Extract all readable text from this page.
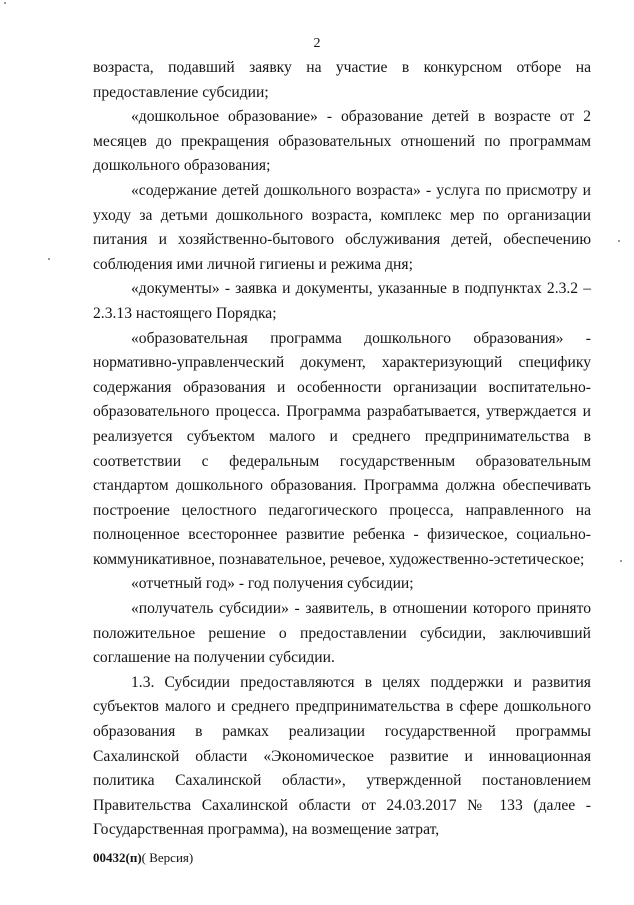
2

возраста, подавший заявку на участие в конкурсном отборе на предоставление субсидии;

«дошкольное образование» - образование детей в возрасте от 2 месяцев до прекращения образовательных отношений по программам дошкольного образования;

«содержание детей дошкольного возраста» - услуга по присмотру и уходу за детьми дошкольного возраста, комплекс мер по организации питания и хозяйственно-бытового обслуживания детей, обеспечению соблюдения ими личной гигиены и режима дня;

«документы» - заявка и документы, указанные в подпунктах 2.3.2 – 2.3.13 настоящего Порядка;

«образовательная программа дошкольного образования» - нормативно-управленческий документ, характеризующий специфику содержания образования и особенности организации воспитательно-образовательного процесса. Программа разрабатывается, утверждается и реализуется субъектом малого и среднего предпринимательства в соответствии с федеральным государственным образовательным стандартом дошкольного образования. Программа должна обеспечивать построение целостного педагогического процесса, направленного на полноценное всестороннее развитие ребенка - физическое, социально-коммуникативное, познавательное, речевое, художественно-эстетическое;

«отчетный год» - год получения субсидии;

«получатель субсидии» - заявитель, в отношении которого принято положительное решение о предоставлении субсидии, заключивший соглашение на получении субсидии.

1.3. Субсидии предоставляются в целях поддержки и развития субъектов малого и среднего предпринимательства в сфере дошкольного образования в рамках реализации государственной программы Сахалинской области «Экономическое развитие и инновационная политика Сахалинской области», утвержденной постановлением Правительства Сахалинской области от 24.03.2017 № 133 (далее - Государственная программа), на возмещение затрат,

00432(п)( Версия)
